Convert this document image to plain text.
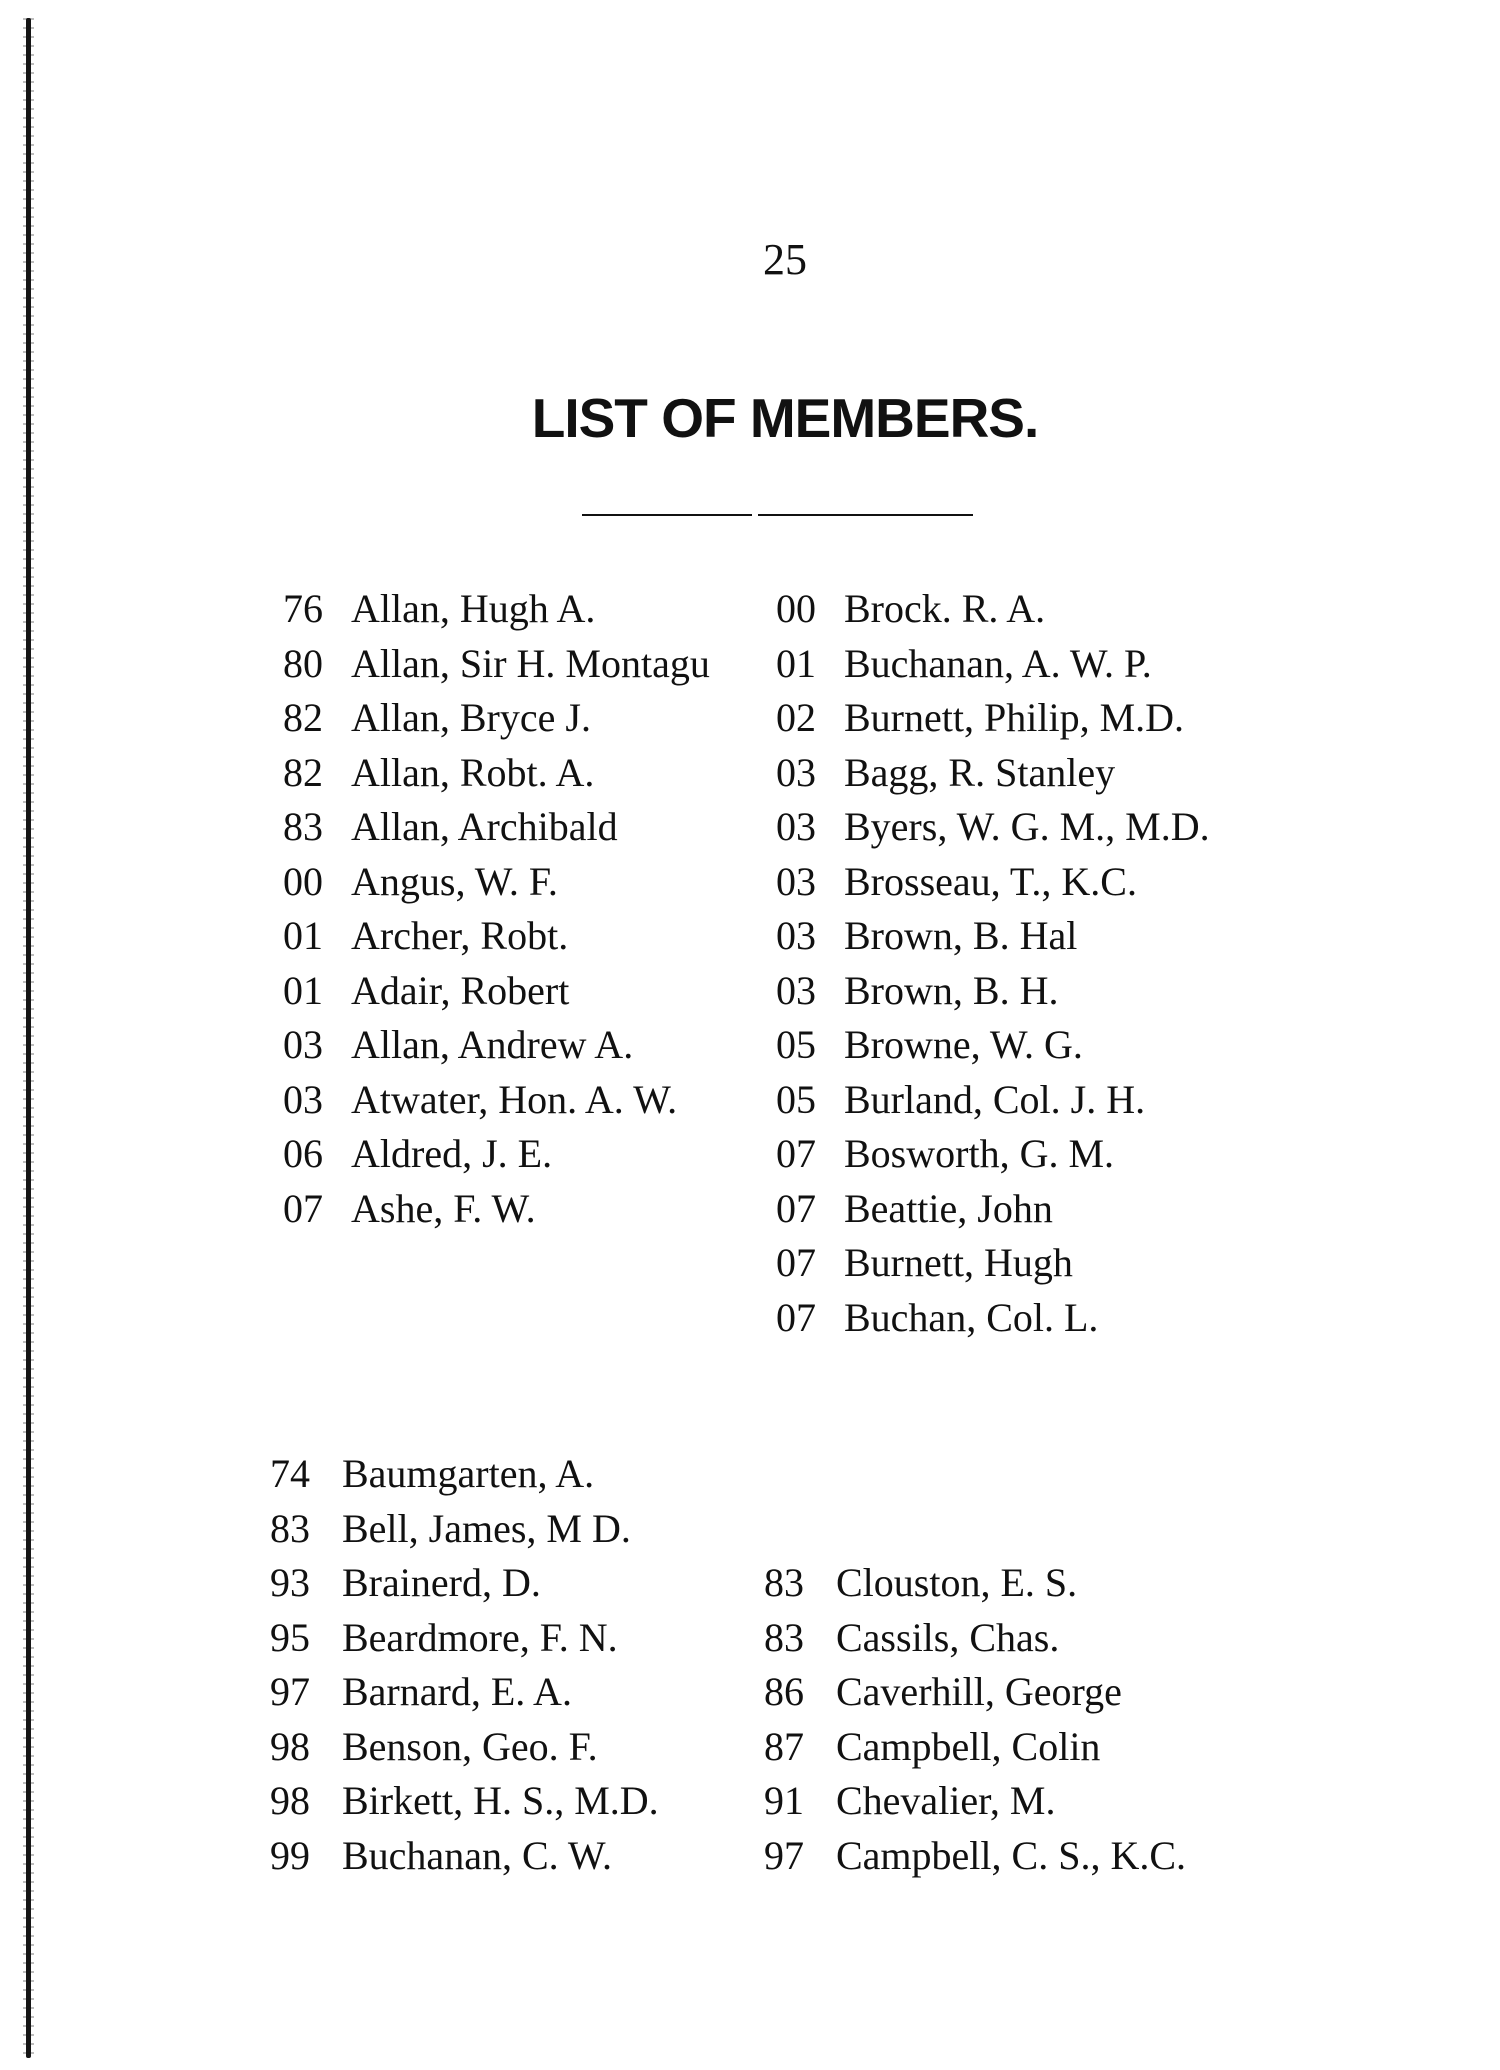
25
LIST OF MEMBERS.
76 Allan, Hugh A.
80 Allan, Sir H. Montagu
82 Allan, Bryce J.
82 Allan, Robt. A.
83 Allan, Archibald
00 Angus, W. F.
01 Archer, Robt.
01 Adair, Robert
03 Allan, Andrew A.
03 Atwater, Hon. A. W.
06 Aldred, J. E.
07 Ashe, F. W.
00 Brock. R. A.
01 Buchanan, A. W. P.
02 Burnett, Philip, M.D.
03 Bagg, R. Stanley
03 Byers, W. G. M., M.D.
03 Brosseau, T., K.C.
03 Brown, B. Hal
03 Brown, B. H.
05 Browne, W. G.
05 Burland, Col. J. H.
07 Bosworth, G. M.
07 Beattie, John
07 Burnett, Hugh
07 Buchan, Col. L.
74 Baumgarten, A.
83 Bell, James, M D.
93 Brainerd, D.
95 Beardmore, F. N.
97 Barnard, E. A.
98 Benson, Geo. F.
98 Birkett, H. S., M.D.
99 Buchanan, C. W.
83 Clouston, E. S.
83 Cassils, Chas.
86 Caverhill, George
87 Campbell, Colin
91 Chevalier, M.
97 Campbell, C. S., K.C.
